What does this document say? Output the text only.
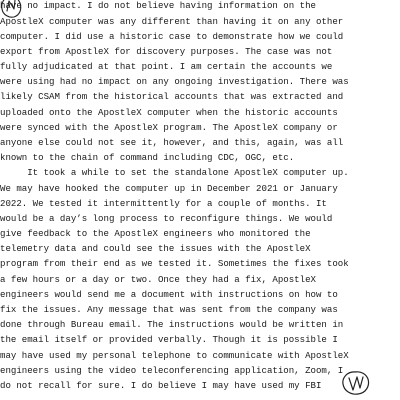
have no impact. I do not believe having information on the

ApostleX computer was any different than having it on any other

computer. I did use a historic case to demonstrate how we could

export from ApostleX for discovery purposes. The case was not

fully adjudicated at that point. I am certain the accounts we

were using had no impact on any ongoing investigation. There was

likely CSAM from the historical accounts that was extracted and

uploaded onto the ApostleX computer when the historic accounts

were synced with the ApostleX program. The ApostleX company or

anyone else could not see it, however, and this, again, was all

known to the chain of command including CDC, OGC, etc.

It took a while to set the standalone ApostleX computer up.

We may have hooked the computer up in December 2021 or January

2022. We tested it intermittently for a couple of months. It

would be a day’s long process to reconfigure things. We would

give feedback to the ApostleX engineers who monitored the

telemetry data and could see the issues with the ApostleX

program from their end as we tested it. Sometimes the fixes took

a few hours or a day or two. Once they had a fix, ApostleX

engineers would send me a document with instructions on how to

fix the issues. Any message that was sent from the company was

done through Bureau email. The instructions would be written in

the email itself or provided verbally. Though it is possible I

may have used my personal telephone to communicate with ApostleX

engineers using the video teleconferencing application, Zoom, I

do not recall for sure. I do believe I may have used my FBI
